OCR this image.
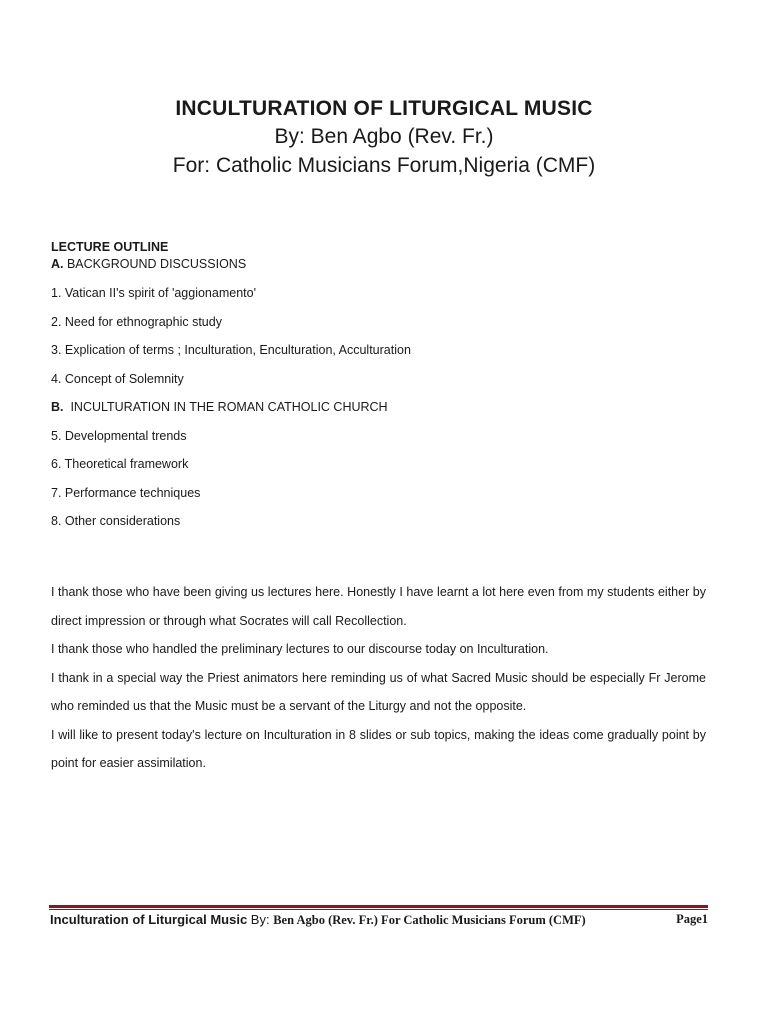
INCULTURATION OF LITURGICAL MUSIC

By: Ben Agbo (Rev. Fr.)

For: Catholic Musicians Forum,Nigeria (CMF)

LECTURE OUTLINE
A. BACKGROUND DISCUSSIONS
1. Vatican II's spirit of 'aggionamento'
2. Need for ethnographic study
3. Explication of terms ; Inculturation, Enculturation, Acculturation
4. Concept of Solemnity
B.  INCULTURATION IN THE ROMAN CATHOLIC CHURCH
5. Developmental trends
6. Theoretical framework
7. Performance techniques
8. Other considerations

I thank those who have been giving us lectures here. Honestly I have learnt a lot here even from my students either by direct impression or through what Socrates will call Recollection.

I thank those who handled the preliminary lectures to our discourse today on Inculturation.

I thank in a special way the Priest animators here reminding us of what Sacred Music should be especially Fr Jerome who reminded us that the Music must be a servant of the Liturgy and not the opposite.

I will like to present today's lecture on Inculturation in 8 slides or sub topics, making the ideas come gradually point by point for easier assimilation.

Inculturation of Liturgical Music By: Ben Agbo (Rev. Fr.) For Catholic Musicians Forum (CMF)	Page1
